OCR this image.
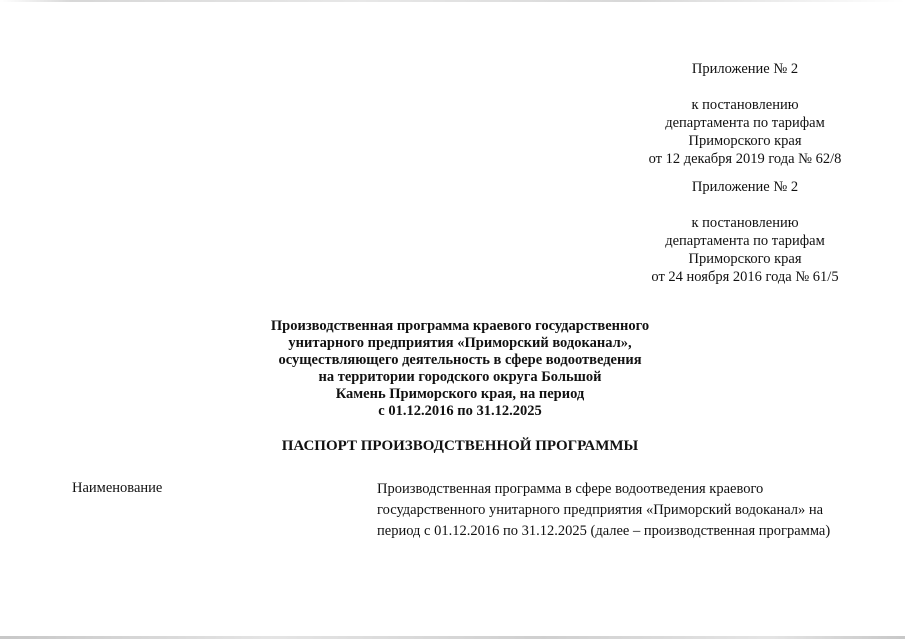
Приложение № 2
к постановлению
департамента по тарифам
Приморского края
от 12 декабря 2019 года № 62/8
Приложение № 2
к постановлению
департамента по тарифам
Приморского края
от 24 ноября 2016 года № 61/5
Производственная программа краевого государственного
унитарного предприятия «Приморский водоканал»,
осуществляющего деятельность в сфере водоотведения
на территории городского округа Большой
Камень Приморского края, на период
с 01.12.2016 по 31.12.2025
ПАСПОРТ ПРОИЗВОДСТВЕННОЙ ПРОГРАММЫ
Наименование	Производственная программа в сфере водоотведения краевого
государственного унитарного предприятия «Приморский водоканал» на
период с 01.12.2016 по 31.12.2025 (далее – производственная программа)
